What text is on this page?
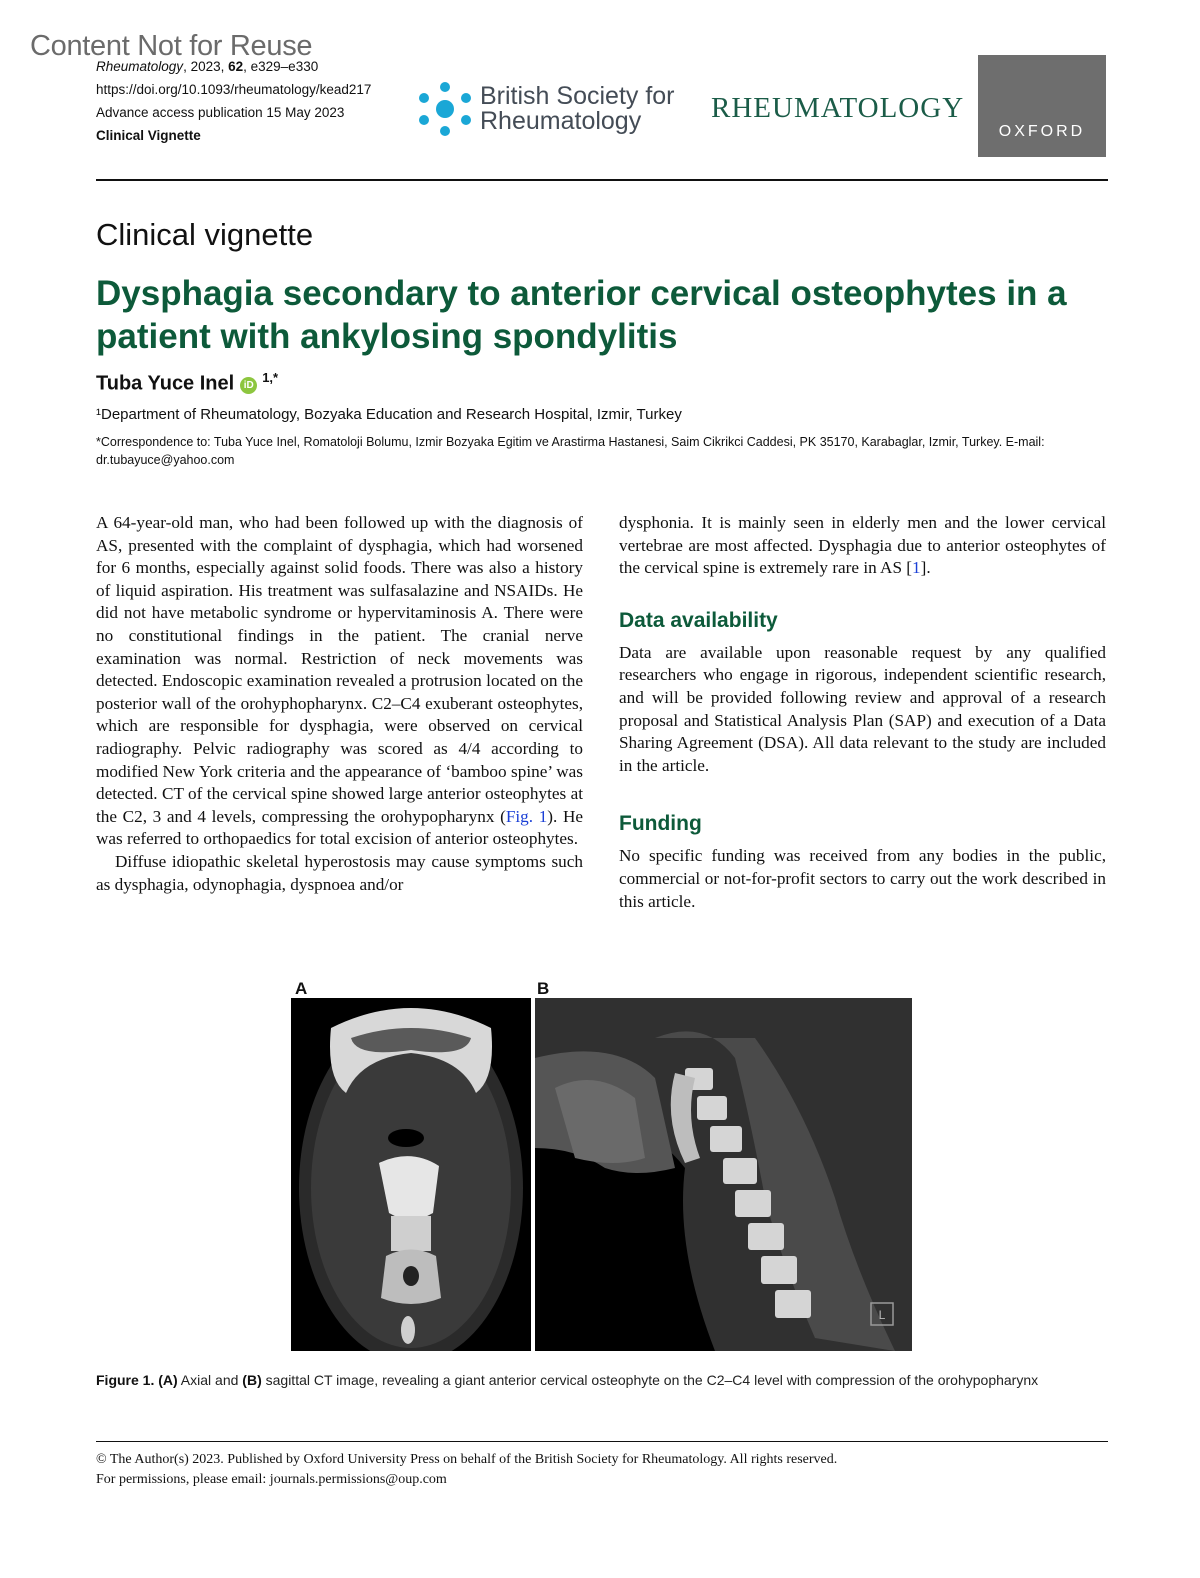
Content Not for Reuse
Rheumatology, 2023, 62, e329–e330
https://doi.org/10.1093/rheumatology/kead217
Advance access publication 15 May 2023
Clinical Vignette
British Society for
Rheumatology	RHEUMATOLOGY
OXFORD
Clinical vignette
Dysphagia secondary to anterior cervical osteophytes in a patient with ankylosing spondylitis
Tuba Yuce Inel $iD^{1,*}$
¹Department of Rheumatology, Bozyaka Education and Research Hospital, Izmir, Turkey
*Correspondence to: Tuba Yuce Inel, Romatoloji Bolumu, Izmir Bozyaka Egitim ve Arastirma Hastanesi, Saim Cikrikci Caddesi, PK 35170, Karabaglar, Izmir, Turkey. E-mail: dr.tubayuce@yahoo.com

A 64-year-old man, who had been followed up with the diagnosis of AS, presented with the complaint of dysphagia, which had worsened for 6 months, especially against solid foods. There was also a history of liquid aspiration. His treatment was sulfasalazine and NSAIDs. He did not have metabolic syndrome or hypervitaminosis A. There were no constitutional findings in the patient. The cranial nerve examination was normal. Restriction of neck movements was detected. Endoscopic examination revealed a protrusion located on the posterior wall of the orohyphopharynx. C2–C4 exuberant osteophytes, which are responsible for dysphagia, were observed on cervical radiography. Pelvic radiography was scored as 4/4 according to modified New York criteria and the appearance of ‘bamboo spine’ was detected. CT of the cervical spine showed large anterior osteophytes at the C2, 3 and 4 levels, compressing the orohypopharynx (Fig. 1). He was referred to orthopaedics for total excision of anterior osteophytes.

Diffuse idiopathic skeletal hyperostosis may cause symptoms such as dysphagia, odynophagia, dyspnoea and/or

dysphonia. It is mainly seen in elderly men and the lower cervical vertebrae are most affected. Dysphagia due to anterior osteophytes of the cervical spine is extremely rare in AS [1].

Data availability

Data are available upon reasonable request by any qualified researchers who engage in rigorous, independent scientific research, and will be provided following review and approval of a research proposal and Statistical Analysis Plan (SAP) and execution of a Data Sharing Agreement (DSA). All data relevant to the study are included in the article.

Funding

No specific funding was received from any bodies in the public, commercial or not-for-profit sectors to carry out the work described in this article.

A	B
L
Figure 1. (A) Axial and (B) sagittal CT image, revealing a giant anterior cervical osteophyte on the C2–C4 level with compression of the orohypopharynx
© The Author(s) 2023. Published by Oxford University Press on behalf of the British Society for Rheumatology. All rights reserved.
For permissions, please email: journals.permissions@oup.com
